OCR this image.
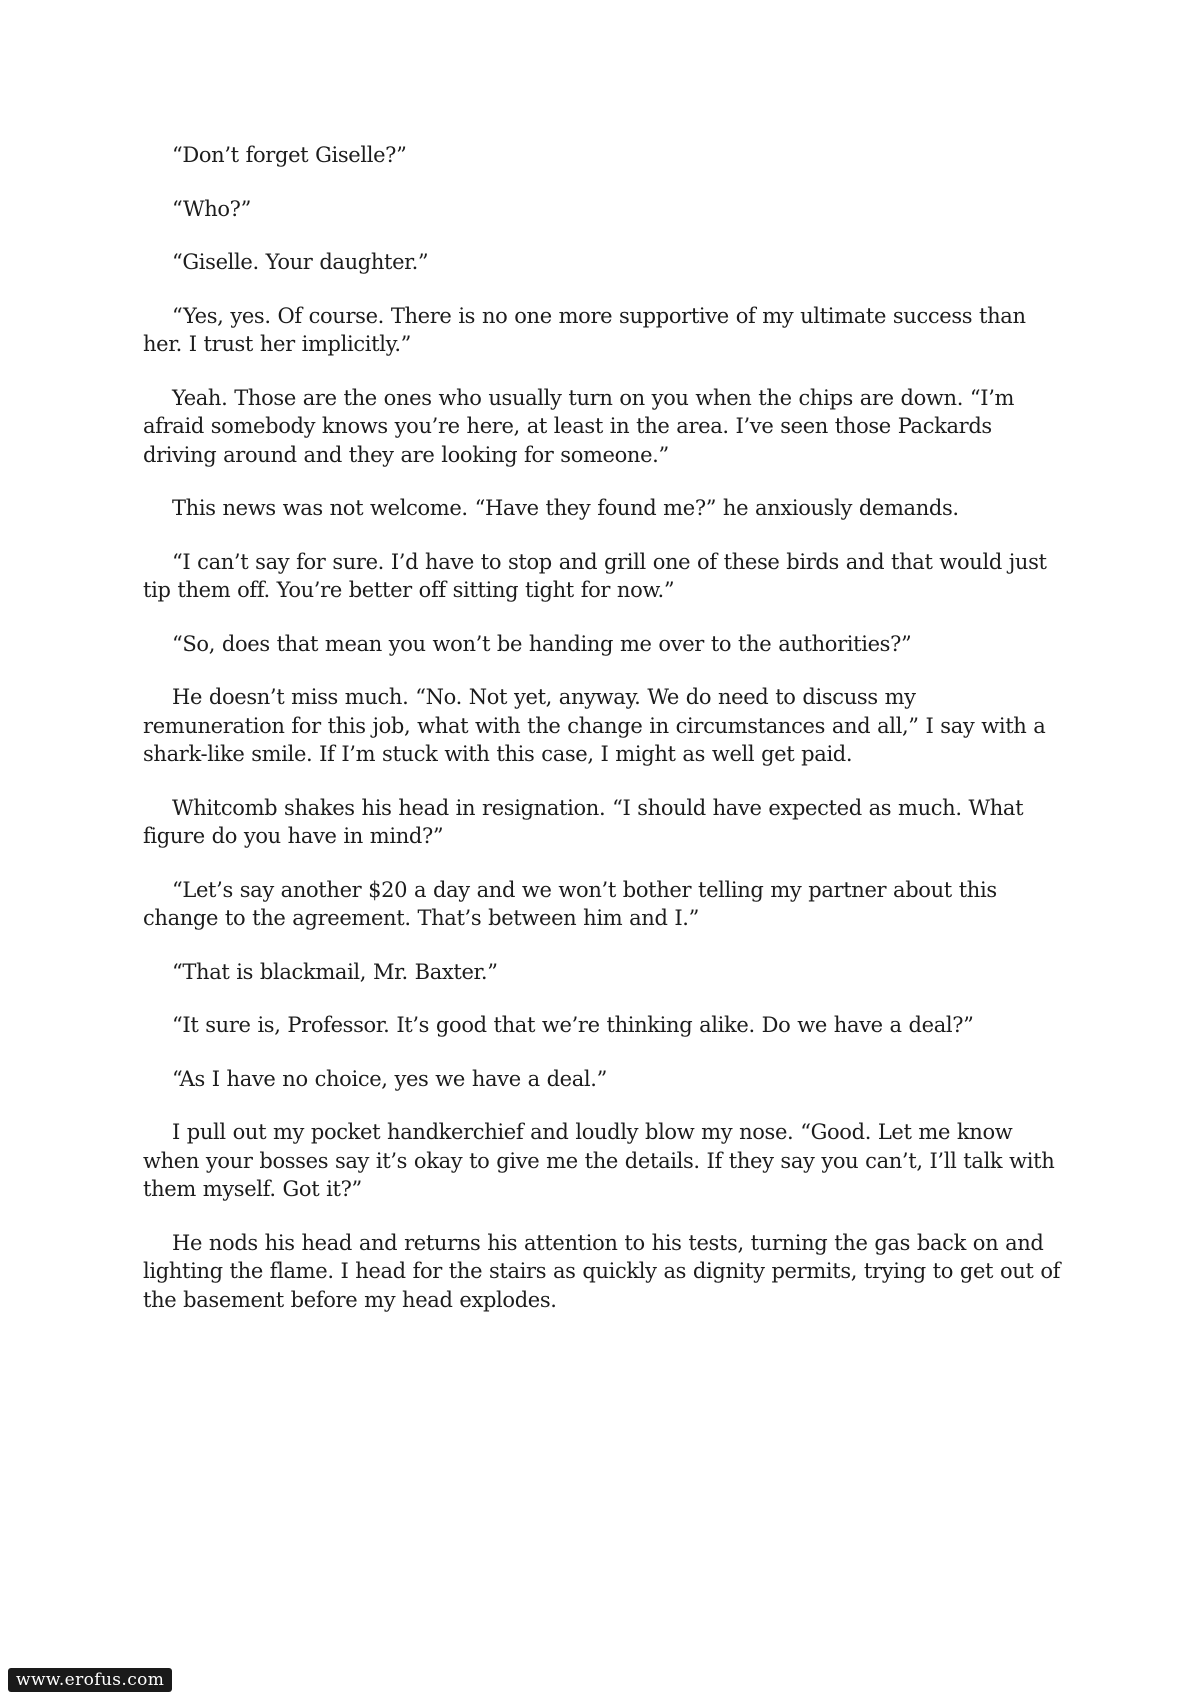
“Don’t forget Giselle?”

“Who?”

“Giselle. Your daughter.”

“Yes, yes. Of course. There is no one more supportive of my ultimate success than her. I trust her implicitly.”

Yeah. Those are the ones who usually turn on you when the chips are down. “I’m afraid somebody knows you’re here, at least in the area. I’ve seen those Packards driving around and they are looking for someone.”

This news was not welcome. “Have they found me?” he anxiously demands.

“I can’t say for sure. I’d have to stop and grill one of these birds and that would just tip them off. You’re better off sitting tight for now.”

“So, does that mean you won’t be handing me over to the authorities?”

He doesn’t miss much. “No. Not yet, anyway. We do need to discuss my remuneration for this job, what with the change in circumstances and all,” I say with a shark-like smile. If I’m stuck with this case, I might as well get paid.

Whitcomb shakes his head in resignation. “I should have expected as much. What figure do you have in mind?”

“Let’s say another $20 a day and we won’t bother telling my partner about this change to the agreement. That’s between him and I.”

“That is blackmail, Mr. Baxter.”

“It sure is, Professor. It’s good that we’re thinking alike. Do we have a deal?”

“As I have no choice, yes we have a deal.”

I pull out my pocket handkerchief and loudly blow my nose. “Good. Let me know when your bosses say it’s okay to give me the details. If they say you can’t, I’ll talk with them myself. Got it?”

He nods his head and returns his attention to his tests, turning the gas back on and lighting the flame. I head for the stairs as quickly as dignity permits, trying to get out of the basement before my head explodes.

www.erofus.com
